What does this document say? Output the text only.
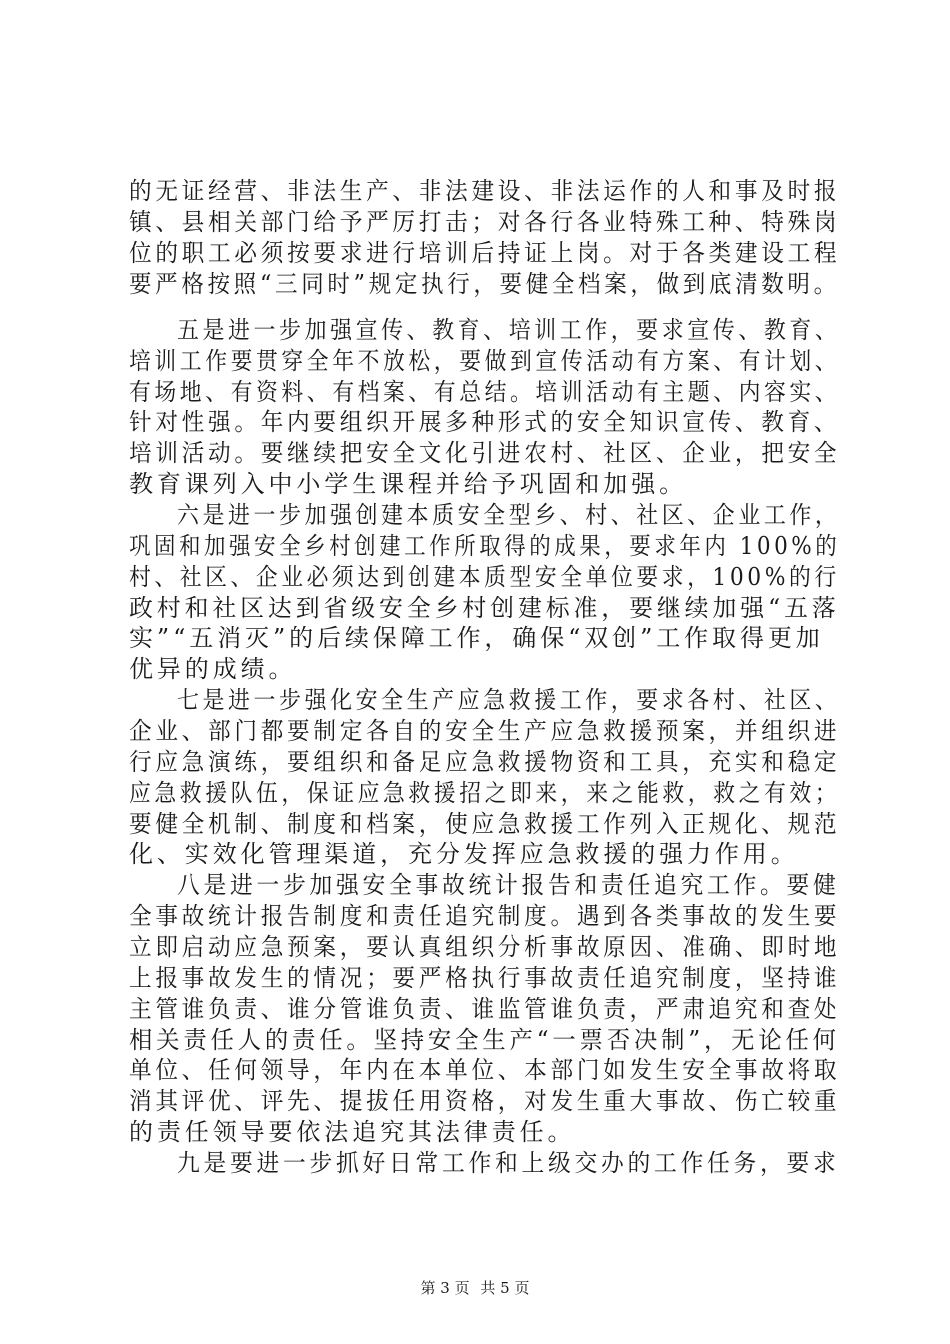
的无证经营、非法生产、非法建设、非法运作的人和事及时报
镇、县相关部门给予严厉打击；对各行各业特殊工种、特殊岗
位的职工必须按要求进行培训后持证上岗。对于各类建设工程
要严格按照“三同时”规定执行，要健全档案，做到底清数明。
五是进一步加强宣传、教育、培训工作，要求宣传、教育、
培训工作要贯穿全年不放松，要做到宣传活动有方案、有计划、
有场地、有资料、有档案、有总结。培训活动有主题、内容实、
针对性强。年内要组织开展多种形式的安全知识宣传、教育、
培训活动。要继续把安全文化引进农村、社区、企业，把安全
教育课列入中小学生课程并给予巩固和加强。
六是进一步加强创建本质安全型乡、村、社区、企业工作，
巩固和加强安全乡村创建工作所取得的成果，要求年内 100%的
村、社区、企业必须达到创建本质型安全单位要求，100%的行
政村和社区达到省级安全乡村创建标准，要继续加强“五落
实”“五消灭”的后续保障工作，确保“双创”工作取得更加
优异的成绩。
七是进一步强化安全生产应急救援工作，要求各村、社区、
企业、部门都要制定各自的安全生产应急救援预案，并组织进
行应急演练，要组织和备足应急救援物资和工具，充实和稳定
应急救援队伍，保证应急救援招之即来，来之能救，救之有效；
要健全机制、制度和档案，使应急救援工作列入正规化、规范
化、实效化管理渠道，充分发挥应急救援的强力作用。
八是进一步加强安全事故统计报告和责任追究工作。要健
全事故统计报告制度和责任追究制度。遇到各类事故的发生要
立即启动应急预案，要认真组织分析事故原因、准确、即时地
上报事故发生的情况；要严格执行事故责任追究制度，坚持谁
主管谁负责、谁分管谁负责、谁监管谁负责，严肃追究和查处
相关责任人的责任。坚持安全生产“一票否决制”，无论任何
单位、任何领导，年内在本单位、本部门如发生安全事故将取
消其评优、评先、提拔任用资格，对发生重大事故、伤亡较重
的责任领导要依法追究其法律责任。
九是要进一步抓好日常工作和上级交办的工作任务，要求
第 3 页 共 5 页
